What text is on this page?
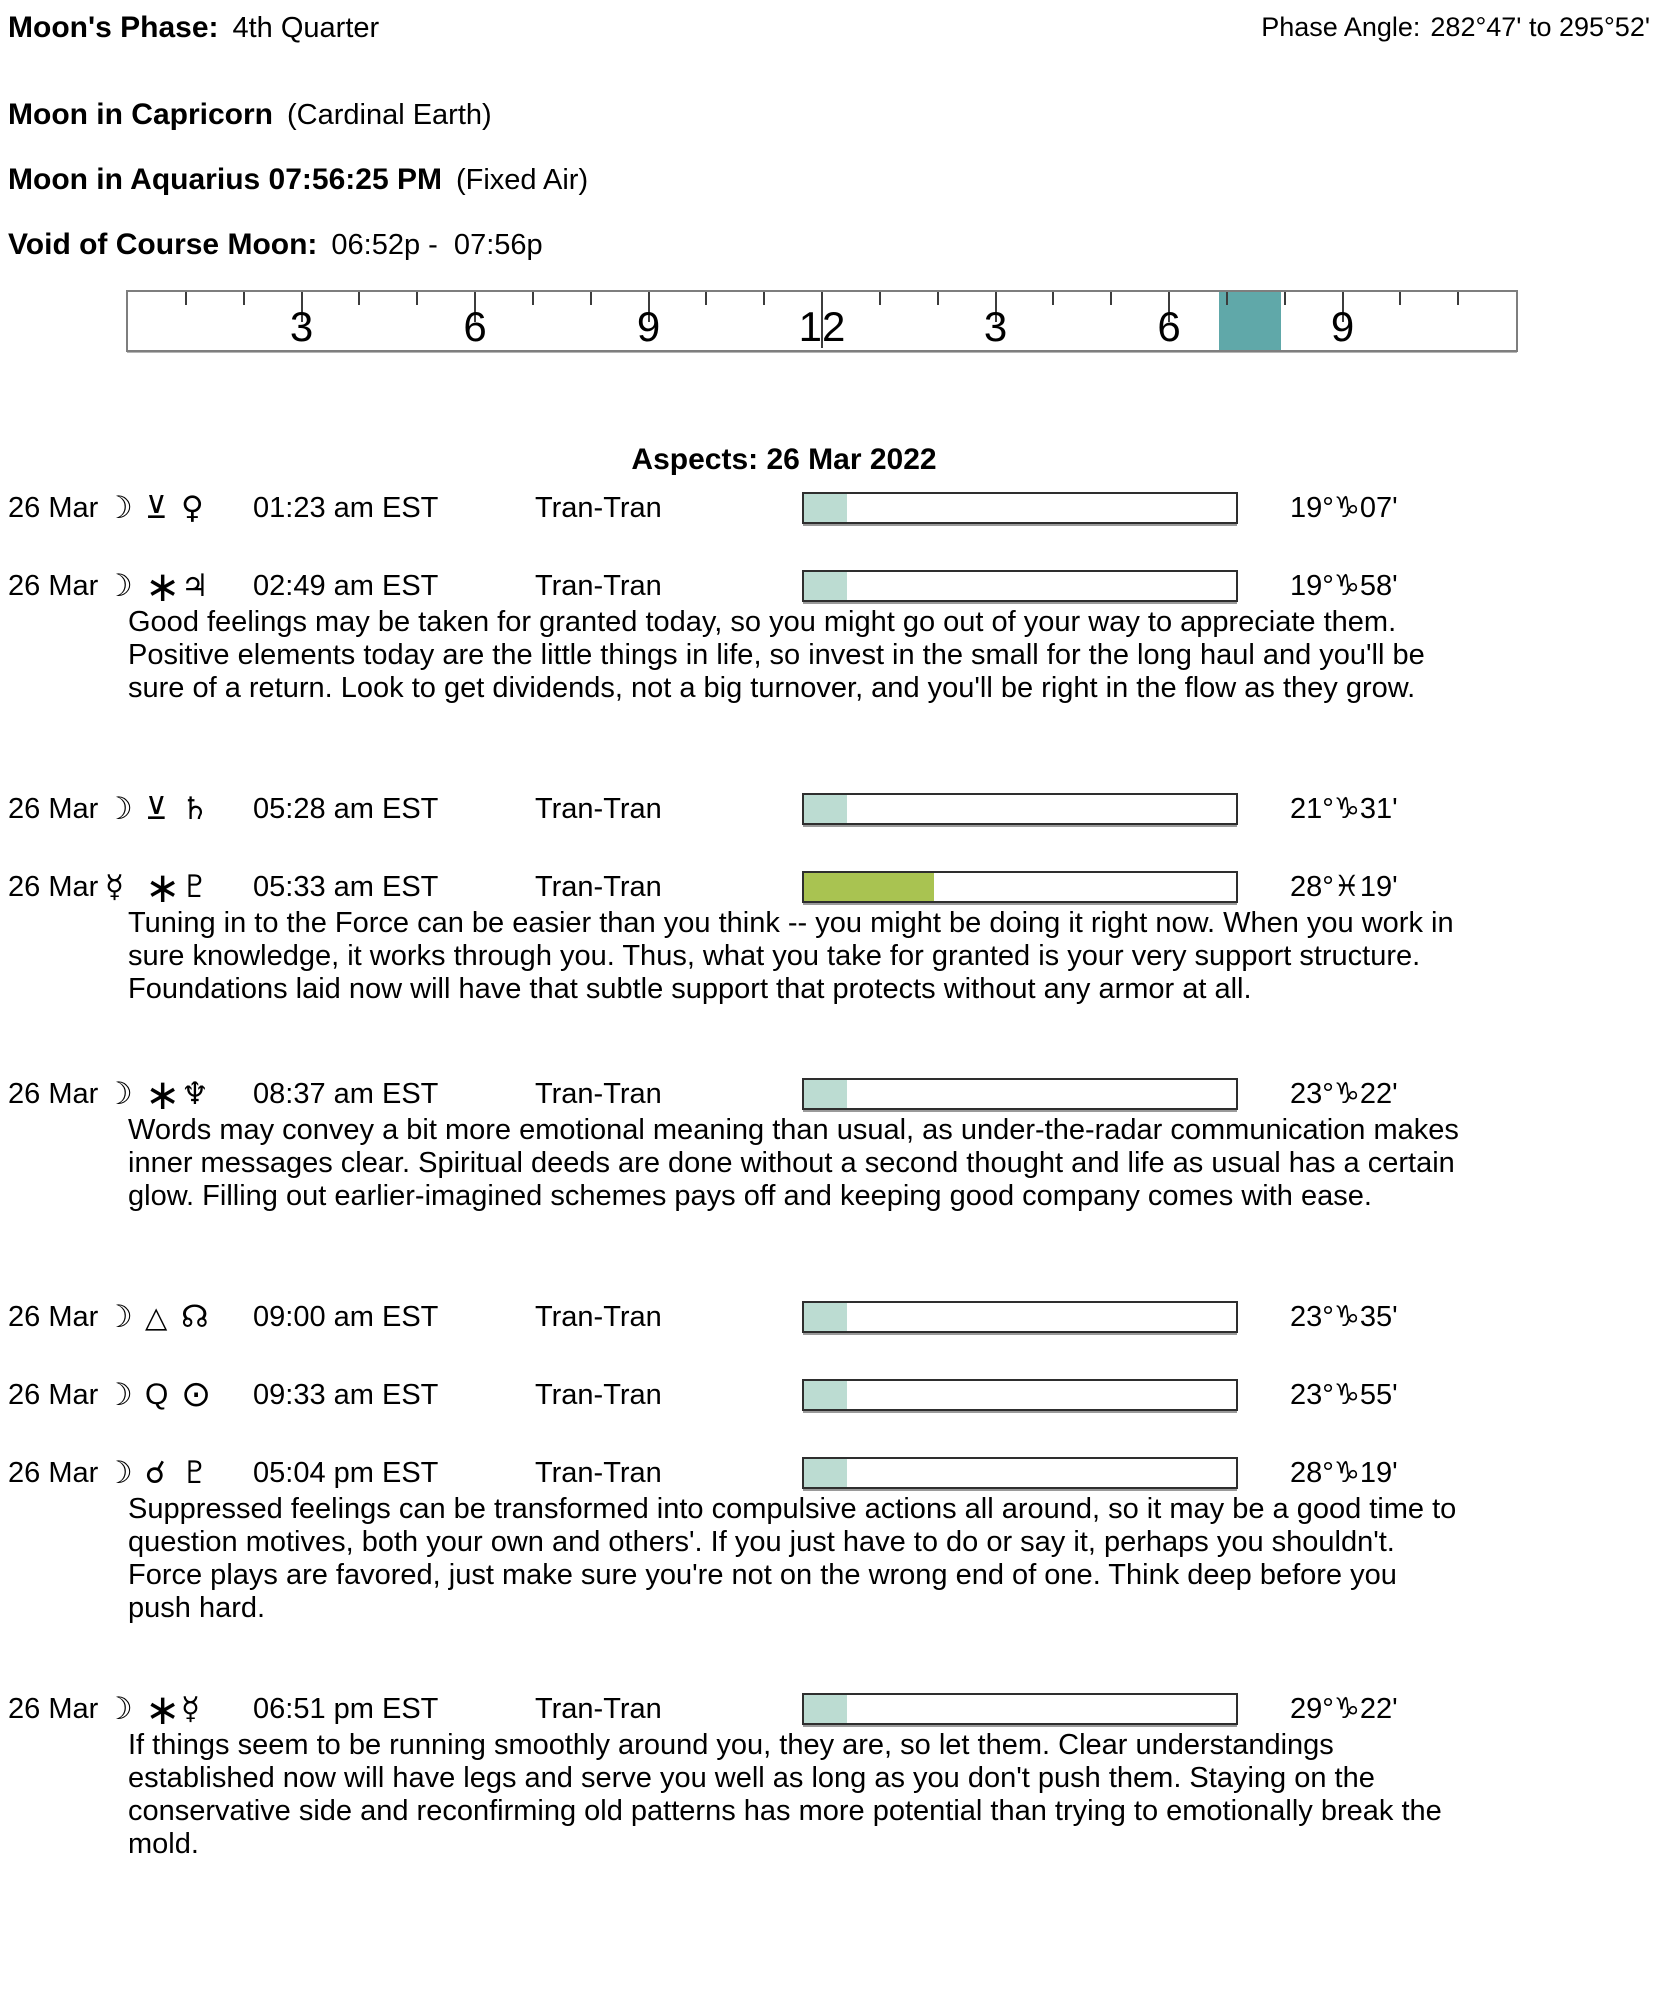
Moon's Phase: 4th Quarter	Phase Angle: 282°47' to 295°52'
Moon in Capricorn (Cardinal Earth)
Moon in Aquarius 07:56:25 PM (Fixed Air)
Void of Course Moon: 06:52p -  07:56p
3	6	9	12	3	6	9
Aspects: 26 Mar 2022
26 Mar ☽ ⊻ ♀	01:23 am EST	Tran-Tran	19°♑07'
26 Mar ☽ ∗ ♃	02:49 am EST	Tran-Tran	19°♑58'

Good feelings may be taken for granted today, so you might go out of your way to appreciate them. Positive elements today are the little things in life, so invest in the small for the long haul and you'll be sure of a return. Look to get dividends, not a big turnover, and you'll be right in the flow as they grow.

26 Mar ☽ ⊻ ♄	05:28 am EST	Tran-Tran	21°♑31'
26 Mar ☿ ∗ ♇	05:33 am EST	Tran-Tran	28°♓19'

Tuning in to the Force can be easier than you think -- you might be doing it right now. When you work in sure knowledge, it works through you. Thus, what you take for granted is your very support structure. Foundations laid now will have that subtle support that protects without any armor at all.

26 Mar ☽ ∗ ♆	08:37 am EST	Tran-Tran	23°♑22'

Words may convey a bit more emotional meaning than usual, as under-the-radar communication makes inner messages clear. Spiritual deeds are done without a second thought and life as usual has a certain glow. Filling out earlier-imagined schemes pays off and keeping good company comes with ease.

26 Mar ☽ △ ☊	09:00 am EST	Tran-Tran	23°♑35'
26 Mar ☽ Q ⊙	09:33 am EST	Tran-Tran	23°♑55'
26 Mar ☽ ☌ ♇	05:04 pm EST	Tran-Tran	28°♑19'

Suppressed feelings can be transformed into compulsive actions all around, so it may be a good time to question motives, both your own and others'. If you just have to do or say it, perhaps you shouldn't. Force plays are favored, just make sure you're not on the wrong end of one. Think deep before you push hard.

26 Mar ☽ ∗ ☿	06:51 pm EST	Tran-Tran	29°♑22'

If things seem to be running smoothly around you, they are, so let them. Clear understandings established now will have legs and serve you well as long as you don't push them. Staying on the conservative side and reconfirming old patterns has more potential than trying to emotionally break the mold.
